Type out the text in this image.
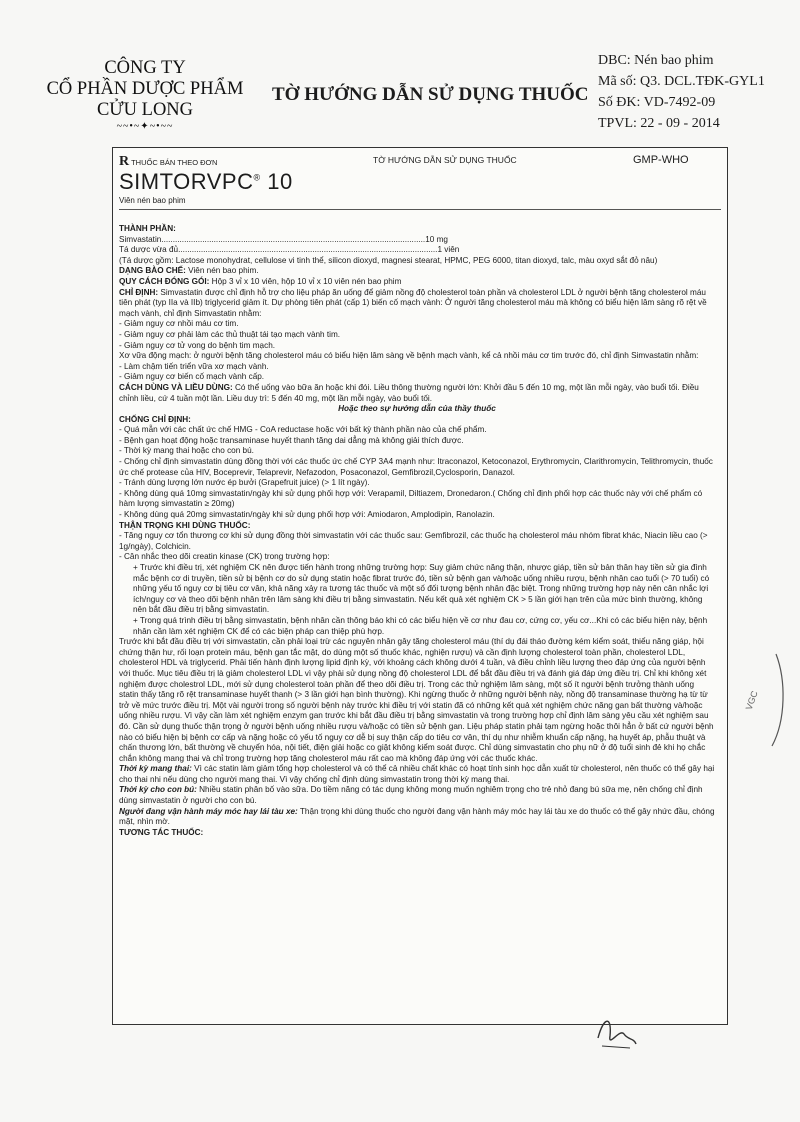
CÔNG TY
CỔ PHẦN DƯỢC PHẨM
CỬU LONG
~~•~✦~•~~
TỜ HƯỚNG DẪN SỬ DỤNG THUỐC
DBC: Nén bao phim
Mã số: Q3. DCL.TĐK-GYL1
Số ĐK: VD-7492-09
TPVL: 22 - 09 - 2014
R THUỐC BÁN THEO ĐƠN	TỜ HƯỚNG DẪN SỬ DỤNG THUỐC	GMP-WHO
SIMTORVPC® 10
Viên nén bao phim

THÀNH PHẦN:

Simvastatin .................................................................................................................... 10 mg
Tá dược vừa đủ .................................................................................................................. 1 viên

(Tá dược gồm: Lactose monohydrat, cellulose vi tinh thể, silicon dioxyd, magnesi stearat, HPMC, PEG 6000, titan dioxyd, talc, màu oxyd sắt đỏ nâu)

DẠNG BÀO CHẾ: Viên nén bao phim.

QUY CÁCH ĐÓNG GÓI: Hộp 3 vỉ x 10 viên, hộp 10 vỉ x 10 viên nén bao phim

CHỈ ĐỊNH: Simvastatin được chỉ định hỗ trợ cho liệu pháp ăn uống để giảm nồng độ cholesterol toàn phần và cholesterol LDL ở người bệnh tăng cholesterol máu tiên phát (typ IIa và IIb) triglycerid giảm ít. Dự phòng tiên phát (cấp 1) biến cố mạch vành: Ở người tăng cholesterol máu mà không có biểu hiện lâm sàng rõ rệt về mạch vành, chỉ định Simvastatin nhằm:

- Giảm nguy cơ nhồi máu cơ tim.

- Giảm nguy cơ phải làm các thủ thuật tái tạo mạch vành tim.

- Giảm nguy cơ tử vong do bệnh tim mạch.

Xơ vữa động mạch: ở người bệnh tăng cholesterol máu có biểu hiện lâm sàng về bệnh mạch vành, kể cả nhồi máu cơ tim trước đó, chỉ định Simvastatin nhằm:

- Làm chậm tiến triển vữa xơ mạch vành.

- Giảm nguy cơ biến cố mạch vành cấp.

CÁCH DÙNG VÀ LIỀU DÙNG: Có thể uống vào bữa ăn hoặc khi đói. Liều thông thường người lớn: Khởi đầu 5 đến 10 mg, một lần mỗi ngày, vào buổi tối. Điều chỉnh liều, cứ 4 tuần một lần. Liều duy trì: 5 đến 40 mg, một lần mỗi ngày, vào buổi tối.

Hoặc theo sự hướng dẫn của thầy thuốc

CHỐNG CHỈ ĐỊNH:

- Quá mẫn với các chất ức chế HMG - CoA reductase hoặc với bất kỳ thành phần nào của chế phẩm.

- Bệnh gan hoạt động hoặc transaminase huyết thanh tăng dai dẳng mà không giải thích được.

- Thời kỳ mang thai hoặc cho con bú.

- Chống chỉ định simvastatin dùng đồng thời với các thuốc ức chế CYP 3A4 mạnh như: Itraconazol, Ketoconazol, Erythromycin, Clarithromycin, Telithromycin, thuốc ức chế protease của HIV, Boceprevir, Telaprevir, Nefazodon, Posaconazol, Gemfibrozil,Cyclosporin, Danazol.

- Tránh dùng lượng lớn nước ép bưởi (Grapefruit juice) (> 1 lít ngày).

- Không dùng quá 10mg simvastatin/ngày khi sử dụng phối hợp với: Verapamil, Diltiazem, Dronedaron.( Chống chỉ định phối hợp các thuốc này với chế phẩm có hàm lượng simvastatin ≥ 20mg)

- Không dùng quá 20mg simvastatin/ngày khi sử dụng phối hợp với: Amiodaron, Amplodipin, Ranolazin.

THẬN TRỌNG KHI DÙNG THUỐC:

- Tăng nguy cơ tổn thương cơ khi sử dụng đồng thời simvastatin với các thuốc sau: Gemfibrozil, các thuốc hạ cholesterol máu nhóm fibrat khác, Niacin liều cao (> 1g/ngày), Colchicin.

- Cân nhắc theo dõi creatin kinase (CK) trong trường hợp:

+ Trước khi điều trị, xét nghiệm CK nên được tiến hành trong những trường hợp: Suy giảm chức năng thận, nhược giáp, tiền sử bản thân hay tiền sử gia đình mắc bệnh cơ di truyền, tiền sử bị bệnh cơ do sử dụng statin hoặc fibrat trước đó, tiền sử bệnh gan và/hoặc uống nhiều rượu, bệnh nhân cao tuổi (> 70 tuổi) có những yếu tố nguy cơ bị tiêu cơ vân, khả năng xảy ra tương tác thuốc và một số đối tượng bệnh nhân đặc biệt. Trong những trường hợp này nên cân nhắc lợi ích/nguy cơ và theo dõi bệnh nhân trên lâm sàng khi điều trị bằng simvastatin. Nếu kết quả xét nghiệm CK > 5 lần giới hạn trên của mức bình thường, không nên bắt đầu điều trị bằng simvastatin.

+ Trong quá trình điều trị bằng simvastatin, bệnh nhân cần thông báo khi có các biểu hiện về cơ như đau cơ, cứng cơ, yếu cơ...Khi có các biểu hiện này, bệnh nhân cần làm xét nghiệm CK để có các biện pháp can thiệp phù hợp.

Trước khi bắt đầu điều trị với simvastatin, cần phải loại trừ các nguyên nhân gây tăng cholesterol máu (thí dụ đái tháo đường kém kiểm soát, thiểu năng giáp, hội chứng thận hư, rối loạn protein máu, bệnh gan tắc mật, do dùng một số thuốc khác, nghiện rượu) và cần định lượng cholesterol toàn phần, cholesterol LDL, cholesterol HDL và triglycerid. Phải tiến hành định lượng lipid định kỳ, với khoảng cách không dưới 4 tuần, và điều chỉnh liều lượng theo đáp ứng của người bệnh với thuốc. Mục tiêu điều trị là giảm cholesterol LDL vì vậy phải sử dụng nồng độ cholesterol LDL để bắt đầu điều trị và đánh giá đáp ứng điều trị. Chỉ khi không xét nghiệm được cholestrol LDL, mới sử dụng cholesterol toàn phần để theo dõi điều trị. Trong các thử nghiệm lâm sàng, một số ít người bệnh trưởng thành uống statin thấy tăng rõ rệt transaminase huyết thanh (> 3 lần giới hạn bình thường). Khi ngừng thuốc ở những người bệnh này, nồng độ transaminase thường hạ từ từ trở về mức trước điều trị. Một vài người trong số người bệnh này trước khi điều trị với statin đã có những kết quả xét nghiệm chức năng gan bất thường và/hoặc uống nhiều rượu. Vì vậy cần làm xét nghiệm enzym gan trước khi bắt đầu điều trị bằng simvastatin và trong trường hợp chỉ định lâm sàng yêu cầu xét nghiệm sau đó. Cần sử dụng thuốc thận trọng ở người bệnh uống nhiều rượu và/hoặc có tiền sử bệnh gan. Liệu pháp statin phải tạm ngừng hoặc thôi hẳn ở bất cứ người bệnh nào có biểu hiện bị bệnh cơ cấp và nặng hoặc có yếu tố nguy cơ dễ bị suy thận cấp do tiêu cơ vân, thí dụ như nhiễm khuẩn cấp nặng, hạ huyết áp, phẫu thuật và chấn thương lớn, bất thường về chuyển hóa, nội tiết, điện giải hoặc co giật không kiểm soát được. Chỉ dùng simvastatin cho phụ nữ ở độ tuổi sinh đẻ khi họ chắc chắn không mang thai và chỉ trong trường hợp tăng cholesterol máu rất cao mà không đáp ứng với các thuốc khác.

Thời kỳ mang thai: Vì các statin làm giảm tổng hợp cholesterol và có thể cả nhiều chất khác có hoạt tính sinh học dẫn xuất từ cholesterol, nên thuốc có thể gây hại cho thai nhi nếu dùng cho người mang thai. Vì vậy chống chỉ định dùng simvastatin trong thời kỳ mang thai.

Thời kỳ cho con bú: Nhiều statin phân bố vào sữa. Do tiềm năng có tác dụng không mong muốn nghiêm trọng cho trẻ nhỏ đang bú sữa mẹ, nên chống chỉ định dùng simvastatin ở người cho con bú.

Người đang vận hành máy móc hay lái tàu xe: Thận trọng khi dùng thuốc cho người đang vận hành máy móc hay lái tàu xe do thuốc có thể gây nhức đầu, chóng mặt, nhìn mờ.

TƯƠNG TÁC THUỐC:

VGC
